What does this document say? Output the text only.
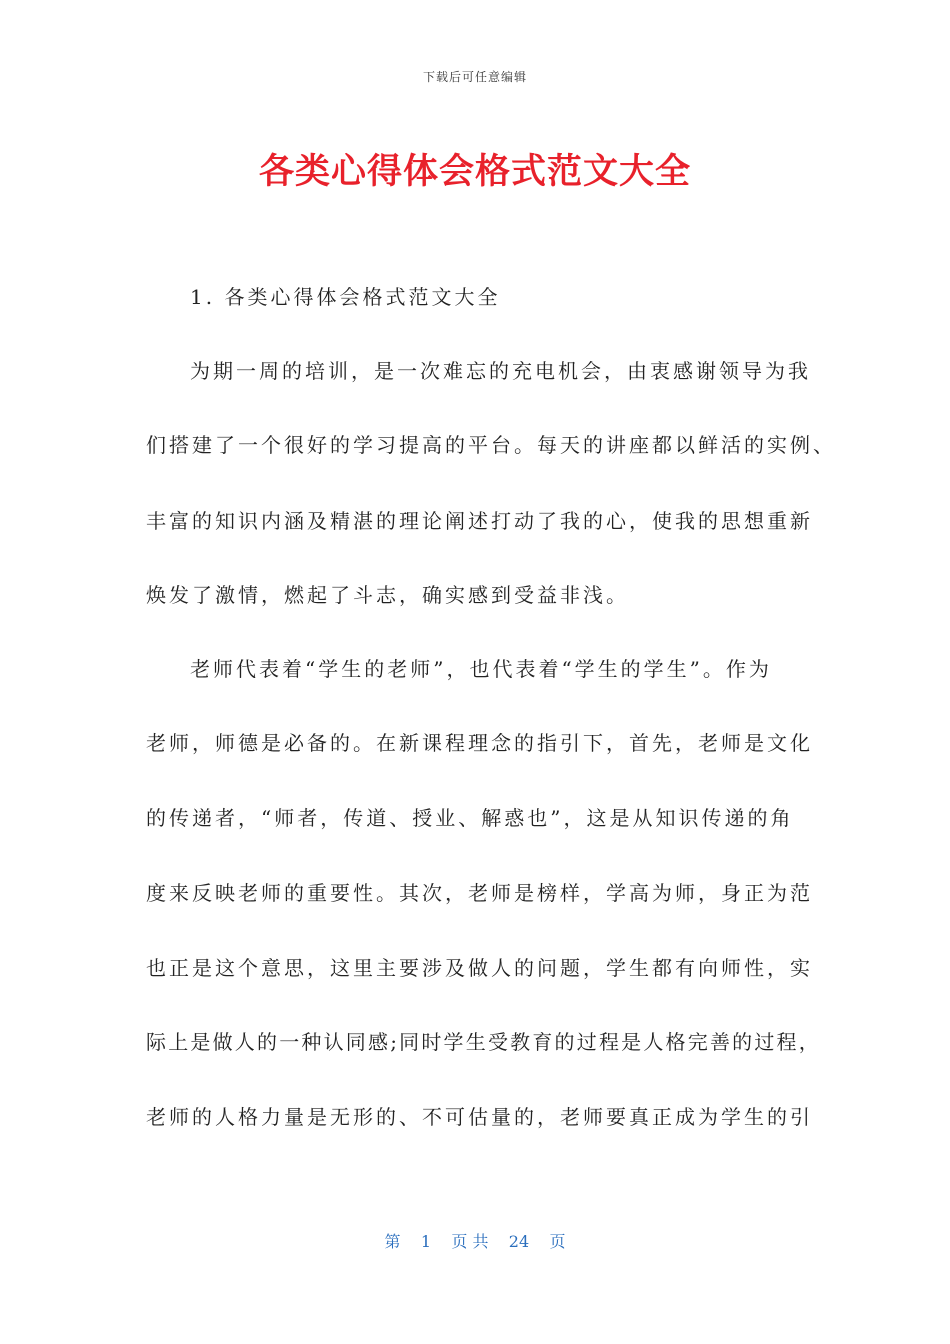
下载后可任意编辑
各类心得体会格式范文大全
1. 各类心得体会格式范文大全
为期一周的培训，是一次难忘的充电机会，由衷感谢领导为我
们搭建了一个很好的学习提高的平台。每天的讲座都以鲜活的实例、
丰富的知识内涵及精湛的理论阐述打动了我的心，使我的思想重新
焕发了激情，燃起了斗志，确实感到受益非浅。
老师代表着“学生的老师”，也代表着“学生的学生”。作为
老师，师德是必备的。在新课程理念的指引下，首先，老师是文化
的传递者，“师者，传道、授业、解惑也”，这是从知识传递的角
度来反映老师的重要性。其次，老师是榜样，学高为师，身正为范
也正是这个意思，这里主要涉及做人的问题，学生都有向师性，实
际上是做人的一种认同感;同时学生受教育的过程是人格完善的过程，
老师的人格力量是无形的、不可估量的，老师要真正成为学生的引
第 1 页 共 24 页
